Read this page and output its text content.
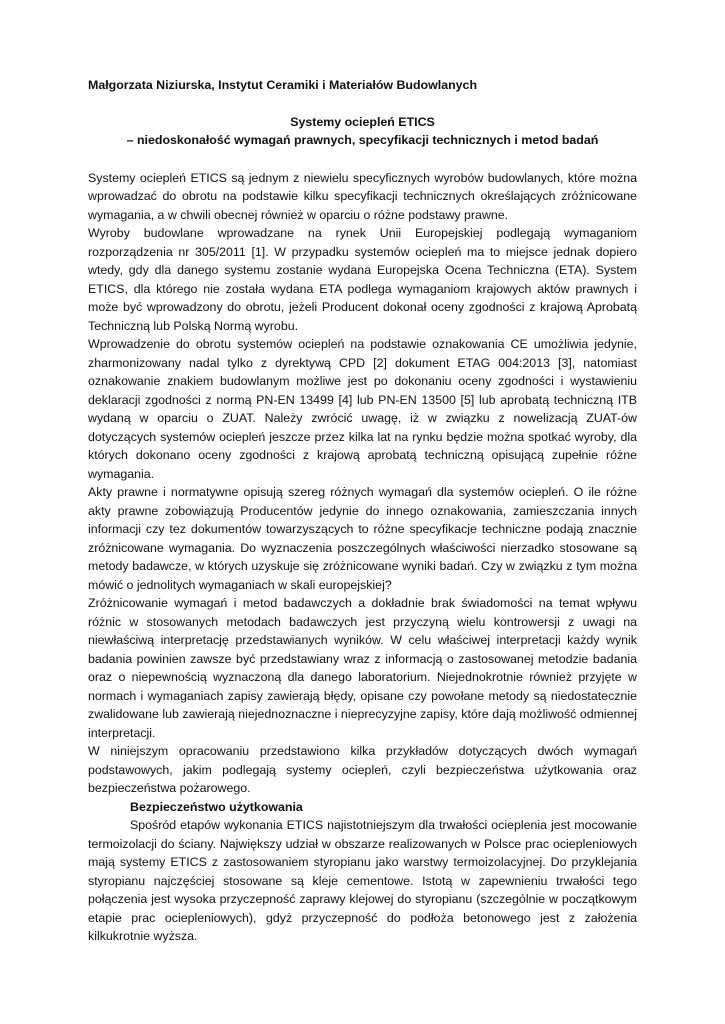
Małgorzata Niziurska, Instytut Ceramiki i Materiałów Budowlanych

Systemy ociepleń ETICS

– niedoskonałość wymagań prawnych, specyfikacji technicznych i metod badań

Systemy ociepleń ETICS są jednym z niewielu specyficznych wyrobów budowlanych, które można wprowadzać do obrotu na podstawie kilku specyfikacji technicznych określających zróżnicowane wymagania, a w chwili obecnej również w oparciu o różne podstawy prawne.

Wyroby budowlane wprowadzane na rynek Unii Europejskiej podlegają wymaganiom rozporządzenia nr 305/2011 [1]. W przypadku systemów ociepleń ma to miejsce jednak dopiero wtedy, gdy dla danego systemu zostanie wydana Europejska Ocena Techniczna (ETA). System ETICS, dla którego nie została wydana ETA podlega wymaganiom krajowych aktów prawnych i może być wprowadzony do obrotu, jeżeli Producent dokonał oceny zgodności z krajową Aprobatą Techniczną lub Polską Normą wyrobu.

Wprowadzenie do obrotu systemów ociepleń na podstawie oznakowania CE umożliwia jedynie, zharmonizowany nadal tylko z dyrektywą CPD [2] dokument ETAG 004:2013 [3], natomiast oznakowanie znakiem budowlanym możliwe jest po dokonaniu oceny zgodności i wystawieniu deklaracji zgodności z normą PN-EN 13499 [4] lub PN-EN 13500 [5] lub aprobatą techniczną ITB wydaną w oparciu o ZUAT. Należy zwrócić uwagę, iż w związku z nowelizacją ZUAT-ów dotyczących systemów ociepleń jeszcze przez kilka lat na rynku będzie można spotkać wyroby, dla których dokonano oceny zgodności z krajową aprobatą techniczną opisującą zupełnie różne wymagania.

Akty prawne i normatywne opisują szereg różnych wymagań dla systemów ociepleń. O ile różne akty prawne zobowiązują Producentów jedynie do innego oznakowania, zamieszczania innych informacji czy tez dokumentów towarzyszących to różne specyfikacje techniczne podają znacznie zróżnicowane wymagania. Do wyznaczenia poszczególnych właściwości nierzadko stosowane są metody badawcze, w których uzyskuje się zróżnicowane wyniki badań. Czy w związku z tym można mówić o jednolitych wymaganiach w skali europejskiej?

Zróżnicowanie wymagań i metod badawczych a dokładnie brak świadomości na temat wpływu różnic w stosowanych metodach badawczych jest przyczyną wielu kontrowersji z uwagi na niewłaściwą interpretację przedstawianych wyników. W celu właściwej interpretacji każdy wynik badania powinien zawsze być przedstawiany wraz z informacją o zastosowanej metodzie badania oraz o niepewnością wyznaczoną dla danego laboratorium. Niejednokrotnie również przyjęte w normach i wymaganiach zapisy zawierają błędy, opisane czy powołane metody są niedostatecznie zwalidowane lub zawierają niejednoznaczne i nieprecyzyjne zapisy, które dają możliwość odmiennej interpretacji.

W niniejszym opracowaniu przedstawiono kilka przykładów dotyczących dwóch wymagań podstawowych, jakim podlegają systemy ociepleń, czyli bezpieczeństwa użytkowania oraz bezpieczeństwa pożarowego.

Bezpieczeństwo użytkowania

Spośród etapów wykonania ETICS najistotniejszym dla trwałości ocieplenia jest mocowanie termoizolacji do ściany. Największy udział w obszarze realizowanych w Polsce prac ociepleniowych mają systemy ETICS z zastosowaniem styropianu jako warstwy termoizolacyjnej. Do przyklejania styropianu najczęściej stosowane są kleje cementowe. Istotą w zapewnieniu trwałości tego połączenia jest wysoka przyczepność zaprawy klejowej do styropianu (szczególnie w początkowym etapie prac ociepleniowych), gdyż przyczepność do podłoża betonowego jest z założenia kilkukrotnie wyższa.
